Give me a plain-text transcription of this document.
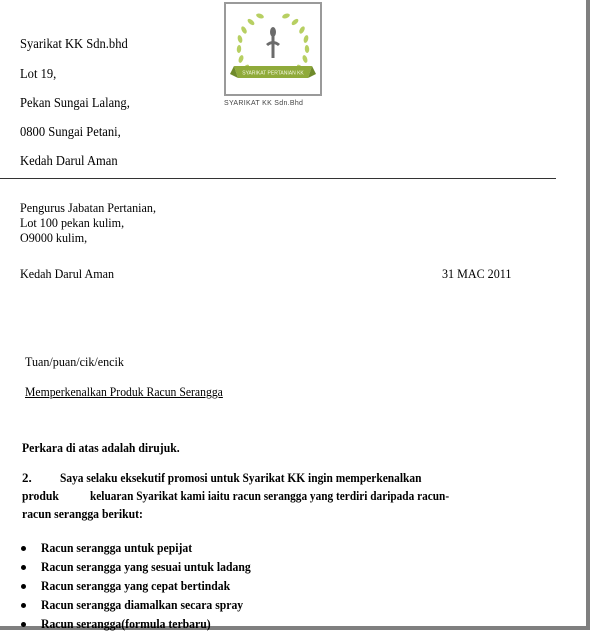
Syarikat KK Sdn.bhd
Lot 19,
Pekan Sungai Lalang,
0800 Sungai Petani,
Kedah Darul Aman
SYARIKAT PERTANIAN KK
SYARIKAT KK Sdn.Bhd
Pengurus Jabatan Pertanian,
Lot 100 pekan kulim,
O9000 kulim,
Kedah Darul Aman	31 MAC 2011
Tuan/puan/cik/encik
Memperkenalkan Produk Racun Serangga
Perkara di atas adalah dirujuk.
2. Saya selaku eksekutif promosi untuk Syarikat KK ingin memperkenalkan
produk keluaran Syarikat kami iaitu racun serangga yang terdiri daripada racun-
racun serangga berikut:
Racun serangga untuk pepijat
Racun serangga yang sesuai untuk ladang
Racun serangga yang cepat bertindak
Racun serangga diamalkan secara spray
Racun serangga(formula terbaru)
